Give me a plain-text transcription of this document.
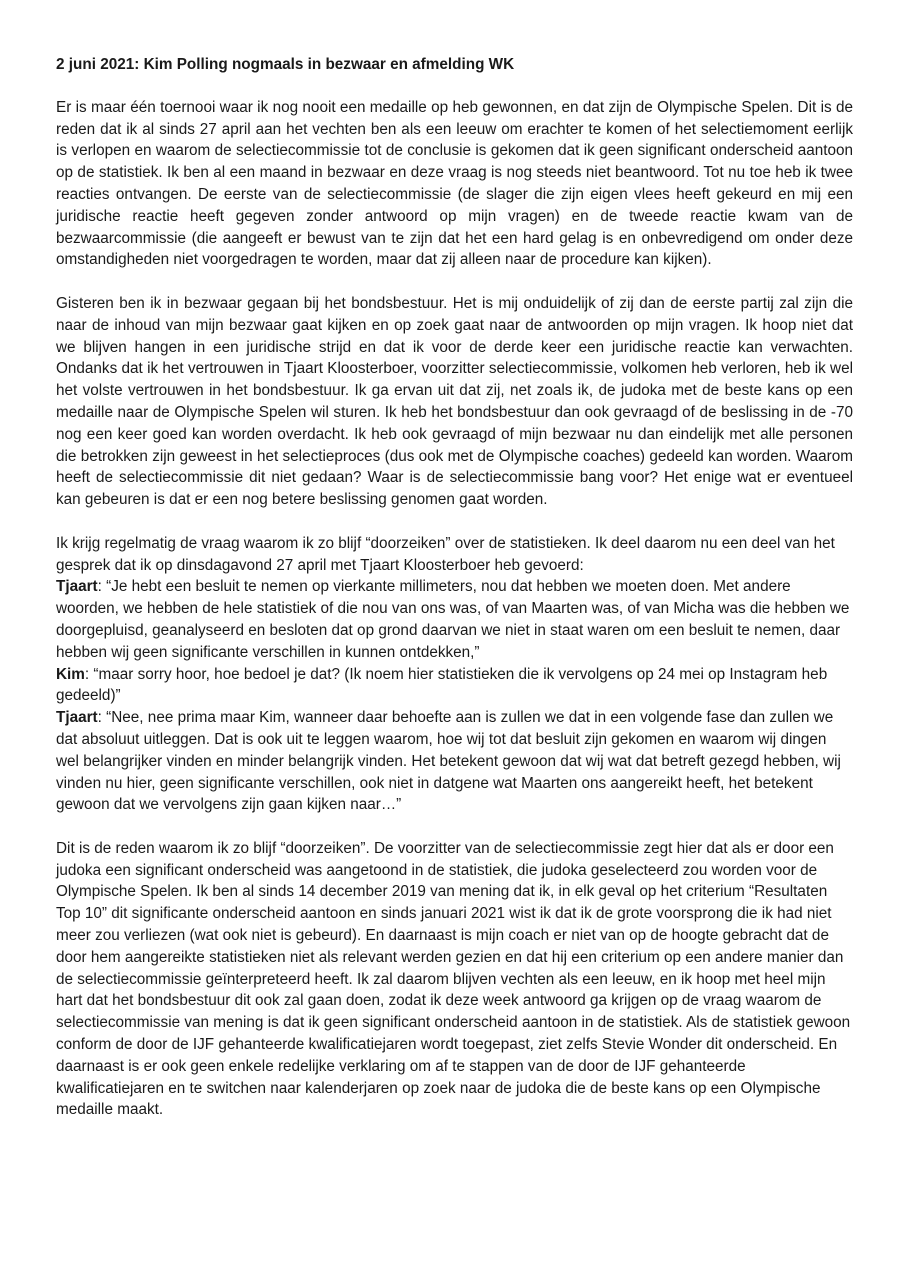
2 juni 2021: Kim Polling nogmaals in bezwaar en afmelding WK

Er is maar één toernooi waar ik nog nooit een medaille op heb gewonnen, en dat zijn de Olympische Spelen. Dit is de reden dat ik al sinds 27 april aan het vechten ben als een leeuw om erachter te komen of het selectiemoment eerlijk is verlopen en waarom de selectiecommissie tot de conclusie is gekomen dat ik geen significant onderscheid aantoon op de statistiek. Ik ben al een maand in bezwaar en deze vraag is nog steeds niet beantwoord. Tot nu toe heb ik twee reacties ontvangen. De eerste van de selectiecommissie (de slager die zijn eigen vlees heeft gekeurd en mij een juridische reactie heeft gegeven zonder antwoord op mijn vragen) en de tweede reactie kwam van de bezwaarcommissie (die aangeeft er bewust van te zijn dat het een hard gelag is en onbevredigend om onder deze omstandigheden niet voorgedragen te worden, maar dat zij alleen naar de procedure kan kijken).

Gisteren ben ik in bezwaar gegaan bij het bondsbestuur. Het is mij onduidelijk of zij dan de eerste partij zal zijn die naar de inhoud van mijn bezwaar gaat kijken en op zoek gaat naar de antwoorden op mijn vragen. Ik hoop niet dat we blijven hangen in een juridische strijd en dat ik voor de derde keer een juridische reactie kan verwachten. Ondanks dat ik het vertrouwen in Tjaart Kloosterboer, voorzitter selectiecommissie, volkomen heb verloren, heb ik wel het volste vertrouwen in het bondsbestuur. Ik ga ervan uit dat zij, net zoals ik, de judoka met de beste kans op een medaille naar de Olympische Spelen wil sturen. Ik heb het bondsbestuur dan ook gevraagd of de beslissing in de -70 nog een keer goed kan worden overdacht. Ik heb ook gevraagd of mijn bezwaar nu dan eindelijk met alle personen die betrokken zijn geweest in het selectieproces (dus ook met de Olympische coaches) gedeeld kan worden. Waarom heeft de selectiecommissie dit niet gedaan? Waar is de selectiecommissie bang voor? Het enige wat er eventueel kan gebeuren is dat er een nog betere beslissing genomen gaat worden.

Ik krijg regelmatig de vraag waarom ik zo blijf “doorzeiken” over de statistieken. Ik deel daarom nu een deel van het gesprek dat ik op dinsdagavond 27 april met Tjaart Kloosterboer heb gevoerd:

Tjaart: “Je hebt een besluit te nemen op vierkante millimeters, nou dat hebben we moeten doen. Met andere woorden, we hebben de hele statistiek of die nou van ons was, of van Maarten was, of van Micha was die hebben we doorgepluisd, geanalyseerd en besloten dat op grond daarvan we niet in staat waren om een besluit te nemen, daar hebben wij geen significante verschillen in kunnen ontdekken,”

Kim: “maar sorry hoor, hoe bedoel je dat? (Ik noem hier statistieken die ik vervolgens op 24 mei op Instagram heb gedeeld)”

Tjaart: “Nee, nee prima maar Kim, wanneer daar behoefte aan is zullen we dat in een volgende fase dan zullen we dat absoluut uitleggen. Dat is ook uit te leggen waarom, hoe wij tot dat besluit zijn gekomen en waarom wij dingen wel belangrijker vinden en minder belangrijk vinden. Het betekent gewoon dat wij wat dat betreft gezegd hebben, wij vinden nu hier, geen significante verschillen, ook niet in datgene wat Maarten ons aangereikt heeft, het betekent gewoon dat we vervolgens zijn gaan kijken naar…”

Dit is de reden waarom ik zo blijf “doorzeiken”. De voorzitter van de selectiecommissie zegt hier dat als er door een judoka een significant onderscheid was aangetoond in de statistiek, die judoka geselecteerd zou worden voor de Olympische Spelen. Ik ben al sinds 14 december 2019 van mening dat ik, in elk geval op het criterium “Resultaten Top 10” dit significante onderscheid aantoon en sinds januari 2021 wist ik dat ik de grote voorsprong die ik had niet meer zou verliezen (wat ook niet is gebeurd). En daarnaast is mijn coach er niet van op de hoogte gebracht dat de door hem aangereikte statistieken niet als relevant werden gezien en dat hij een criterium op een andere manier dan de selectiecommissie geïnterpreteerd heeft. Ik zal daarom blijven vechten als een leeuw, en ik hoop met heel mijn hart dat het bondsbestuur dit ook zal gaan doen, zodat ik deze week antwoord ga krijgen op de vraag waarom de selectiecommissie van mening is dat ik geen significant onderscheid aantoon in de statistiek. Als de statistiek gewoon conform de door de IJF gehanteerde kwalificatiejaren wordt toegepast, ziet zelfs Stevie Wonder dit onderscheid. En daarnaast is er ook geen enkele redelijke verklaring om af te stappen van de door de IJF gehanteerde kwalificatiejaren en te switchen naar kalenderjaren op zoek naar de judoka die de beste kans op een Olympische medaille maakt.
